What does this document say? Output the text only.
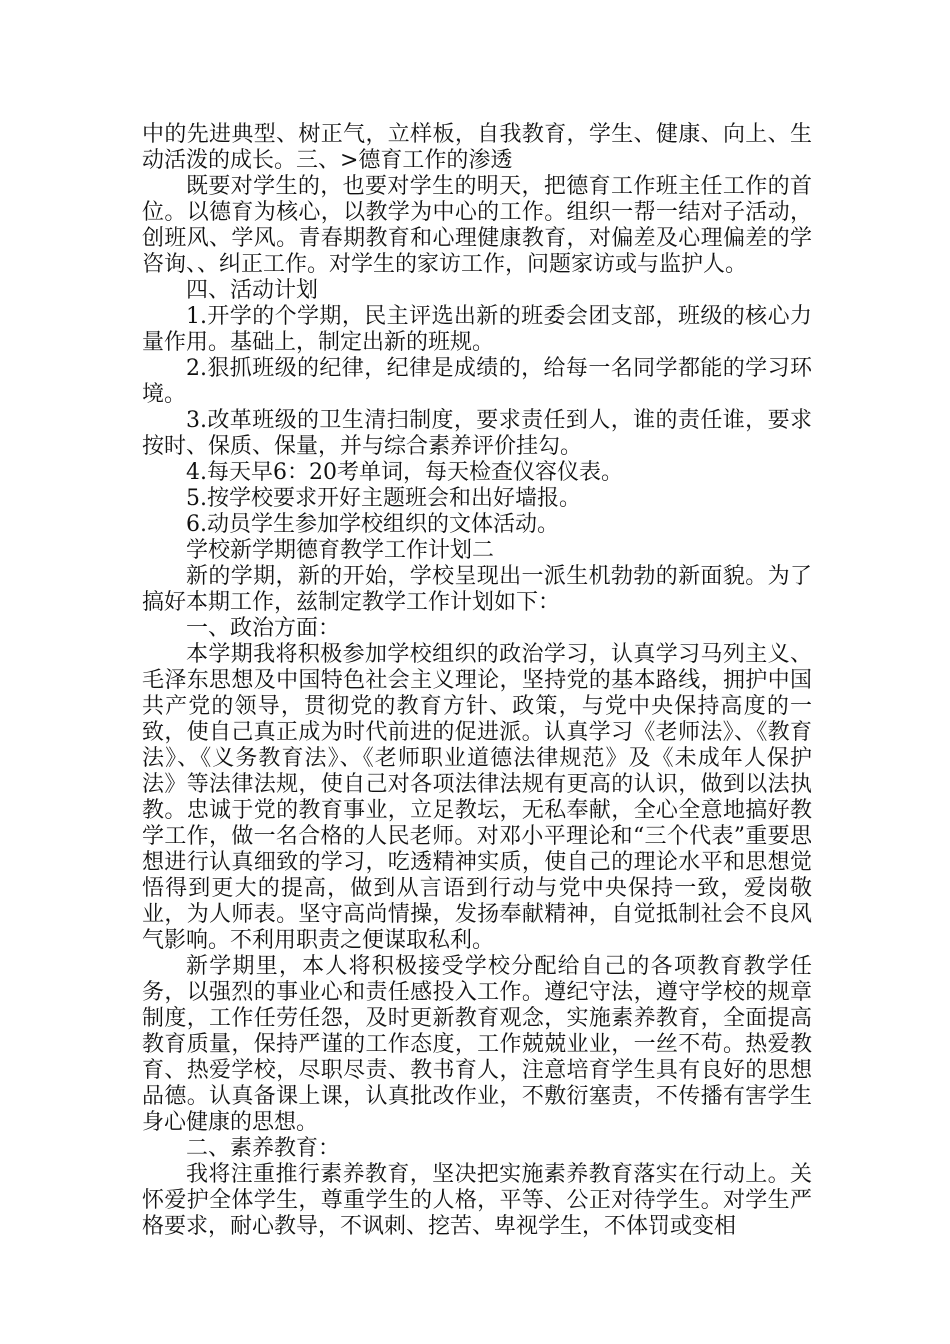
中的先进典型、树正气，立样板，自我教育，学生、健康、向上、生动活泼的成长。三、>德育工作的渗透

既要对学生的，也要对学生的明天，把德育工作班主任工作的首位。以德育为核心，以教学为中心的工作。组织一帮一结对子活动，创班风、学风。青春期教育和心理健康教育，对偏差及心理偏差的学咨询、、纠正工作。对学生的家访工作，问题家访或与监护人。

四、活动计划

1.开学的个学期，民主评选出新的班委会团支部，班级的核心力量作用。基础上，制定出新的班规。

2.狠抓班级的纪律，纪律是成绩的，给每一名同学都能的学习环境。

3.改革班级的卫生清扫制度，要求责任到人，谁的责任谁，要求按时、保质、保量，并与综合素养评价挂勾。

4.每天早6：20考单词，每天检查仪容仪表。

5.按学校要求开好主题班会和出好墙报。

6.动员学生参加学校组织的文体活动。

学校新学期德育教学工作计划二

新的学期，新的开始，学校呈现出一派生机勃勃的新面貌。为了搞好本期工作，兹制定教学工作计划如下：

一、政治方面：

本学期我将积极参加学校组织的政治学习，认真学习马列主义、毛泽东思想及中国特色社会主义理论，坚持党的基本路线，拥护中国共产党的领导，贯彻党的教育方针、政策，与党中央保持高度的一致，使自己真正成为时代前进的促进派。认真学习《老师法》、《教育法》、《义务教育法》、《老师职业道德法律规范》及《未成年人保护法》等法律法规，使自己对各项法律法规有更高的认识，做到以法执教。忠诚于党的教育事业，立足教坛，无私奉献，全心全意地搞好教学工作，做一名合格的人民老师。对邓小平理论和“三个代表”重要思想进行认真细致的学习，吃透精神实质，使自己的理论水平和思想觉悟得到更大的提高，做到从言语到行动与党中央保持一致，爱岗敬业，为人师表。坚守高尚情操，发扬奉献精神，自觉抵制社会不良风气影响。不利用职责之便谋取私利。

新学期里，本人将积极接受学校分配给自己的各项教育教学任务，以强烈的事业心和责任感投入工作。遵纪守法，遵守学校的规章制度，工作任劳任怨，及时更新教育观念，实施素养教育，全面提高教育质量，保持严谨的工作态度，工作兢兢业业，一丝不苟。热爱教育、热爱学校，尽职尽责、教书育人，注意培育学生具有良好的思想品德。认真备课上课，认真批改作业，不敷衍塞责，不传播有害学生身心健康的思想。

二、素养教育：

我将注重推行素养教育，坚决把实施素养教育落实在行动上。关怀爱护全体学生，尊重学生的人格，平等、公正对待学生。对学生严格要求，耐心教导，不讽刺、挖苦、卑视学生，不体罚或变相
